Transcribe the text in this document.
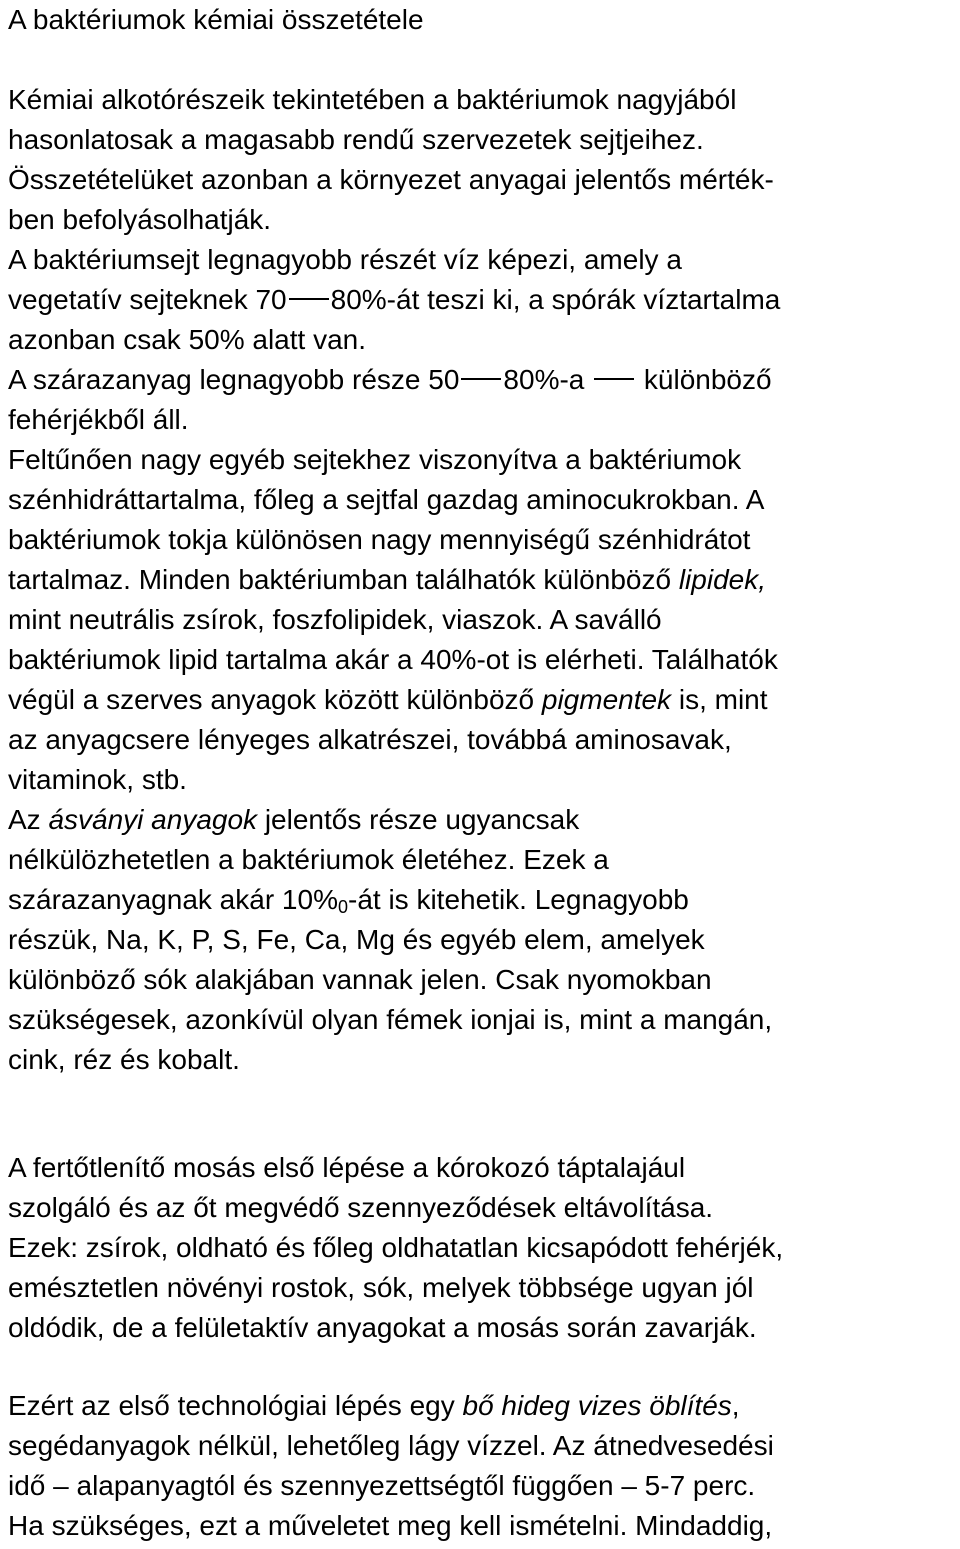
A baktériumok kémiai összetétele
Kémiai alkotórészeik tekintetében a baktériumok nagyjából
hasonlatosak a magasabb rendű szervezetek sejtjeihez.
Összetételüket azonban a környezet anyagai jelentős mérték-
ben befolyásolhatják.
A baktériumsejt legnagyobb részét víz képezi, amely a
vegetatív sejteknek 70 80%-át teszi ki, a spórák víztartalma
azonban csak 50% alatt van.
A szárazanyag legnagyobb része 50 80%-a különböző
fehérjékből áll.
Feltűnően nagy egyéb sejtekhez viszonyítva a baktériumok
szénhidráttartalma, főleg a sejtfal gazdag aminocukrokban. A
baktériumok tokja különösen nagy mennyiségű szénhidrátot
tartalmaz. Minden baktériumban találhatók különböző lipidek,
mint neutrális zsírok, foszfolipidek, viaszok. A saválló
baktériumok lipid tartalma akár a 40%-ot is elérheti. Találhatók
végül a szerves anyagok között különböző pigmentek is, mint
az anyagcsere lényeges alkatrészei, továbbá aminosavak,
vitaminok, stb.
Az ásványi anyagok jelentős része ugyancsak
nélkülözhetetlen a baktériumok életéhez. Ezek a
szárazanyagnak akár $10\%_0-át$ is kitehetik. Legnagyobb
részük, Na, K, P, S, Fe, Ca, Mg és egyéb elem, amelyek
különböző sók alakjában vannak jelen. Csak nyomokban
szükségesek, azonkívül olyan fémek ionjai is, mint a mangán,
cink, réz és kobalt.
A fertőtlenítő mosás első lépése a kórokozó táptalajául
szolgáló és az őt megvédő szennyeződések eltávolítása.
Ezek: zsírok, oldható és főleg oldhatatlan kicsapódott fehérjék,
emésztetlen növényi rostok, sók, melyek többsége ugyan jól
oldódik, de a felületaktív anyagokat a mosás során zavarják.
Ezért az első technológiai lépés egy bő hideg vizes öblítés,
segédanyagok nélkül, lehetőleg lágy vízzel. Az átnedvesedési
idő – alapanyagtól és szennyezettségtől függően – 5-7 perc.
Ha szükséges, ezt a műveletet meg kell ismételni. Mindaddig,
